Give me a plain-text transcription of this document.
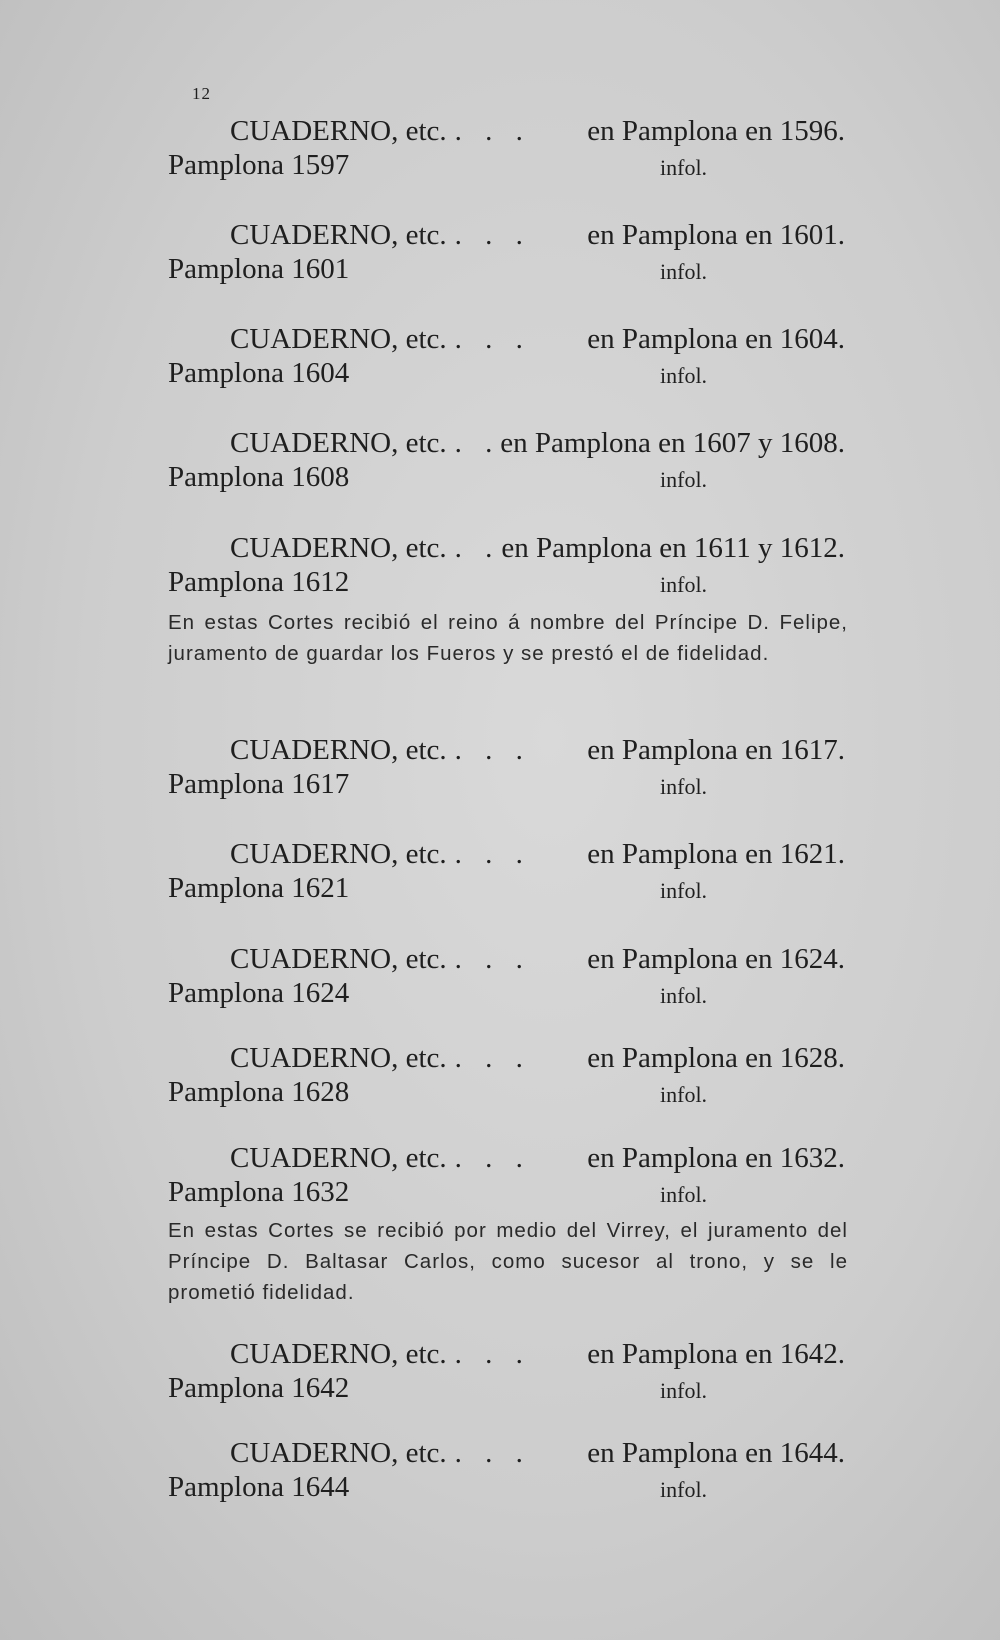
12
CUADERNO, etc. . . . en Pamplona en 1596.
Pamplona 1597	infol.
CUADERNO, etc. . . . en Pamplona en 1601.
Pamplona 1601	infol.
CUADERNO, etc. . . . en Pamplona en 1604.
Pamplona 1604	infol.
CUADERNO, etc. . . en Pamplona en 1607 y 1608.
Pamplona 1608	infol.
CUADERNO, etc. . . en Pamplona en 1611 y 1612.
Pamplona 1612	infol.
En estas Cortes recibió el reino á nombre del Príncipe D. Felipe, juramento de guardar los Fueros y se prestó el de fidelidad.
CUADERNO, etc. . . . en Pamplona en 1617.
Pamplona 1617	infol.
CUADERNO, etc. . . . en Pamplona en 1621.
Pamplona 1621	infol.
CUADERNO, etc. . . . en Pamplona en 1624.
Pamplona 1624	infol.
CUADERNO, etc. . . . en Pamplona en 1628.
Pamplona 1628	infol.
CUADERNO, etc. . . . en Pamplona en 1632.
Pamplona 1632	infol.
En estas Cortes se recibió por medio del Virrey, el juramento del Príncipe D. Baltasar Carlos, como sucesor al trono, y se le prometió fidelidad.
CUADERNO, etc. . . . en Pamplona en 1642.
Pamplona 1642	infol.
CUADERNO, etc. . . . en Pamplona en 1644.
Pamplona 1644	infol.
